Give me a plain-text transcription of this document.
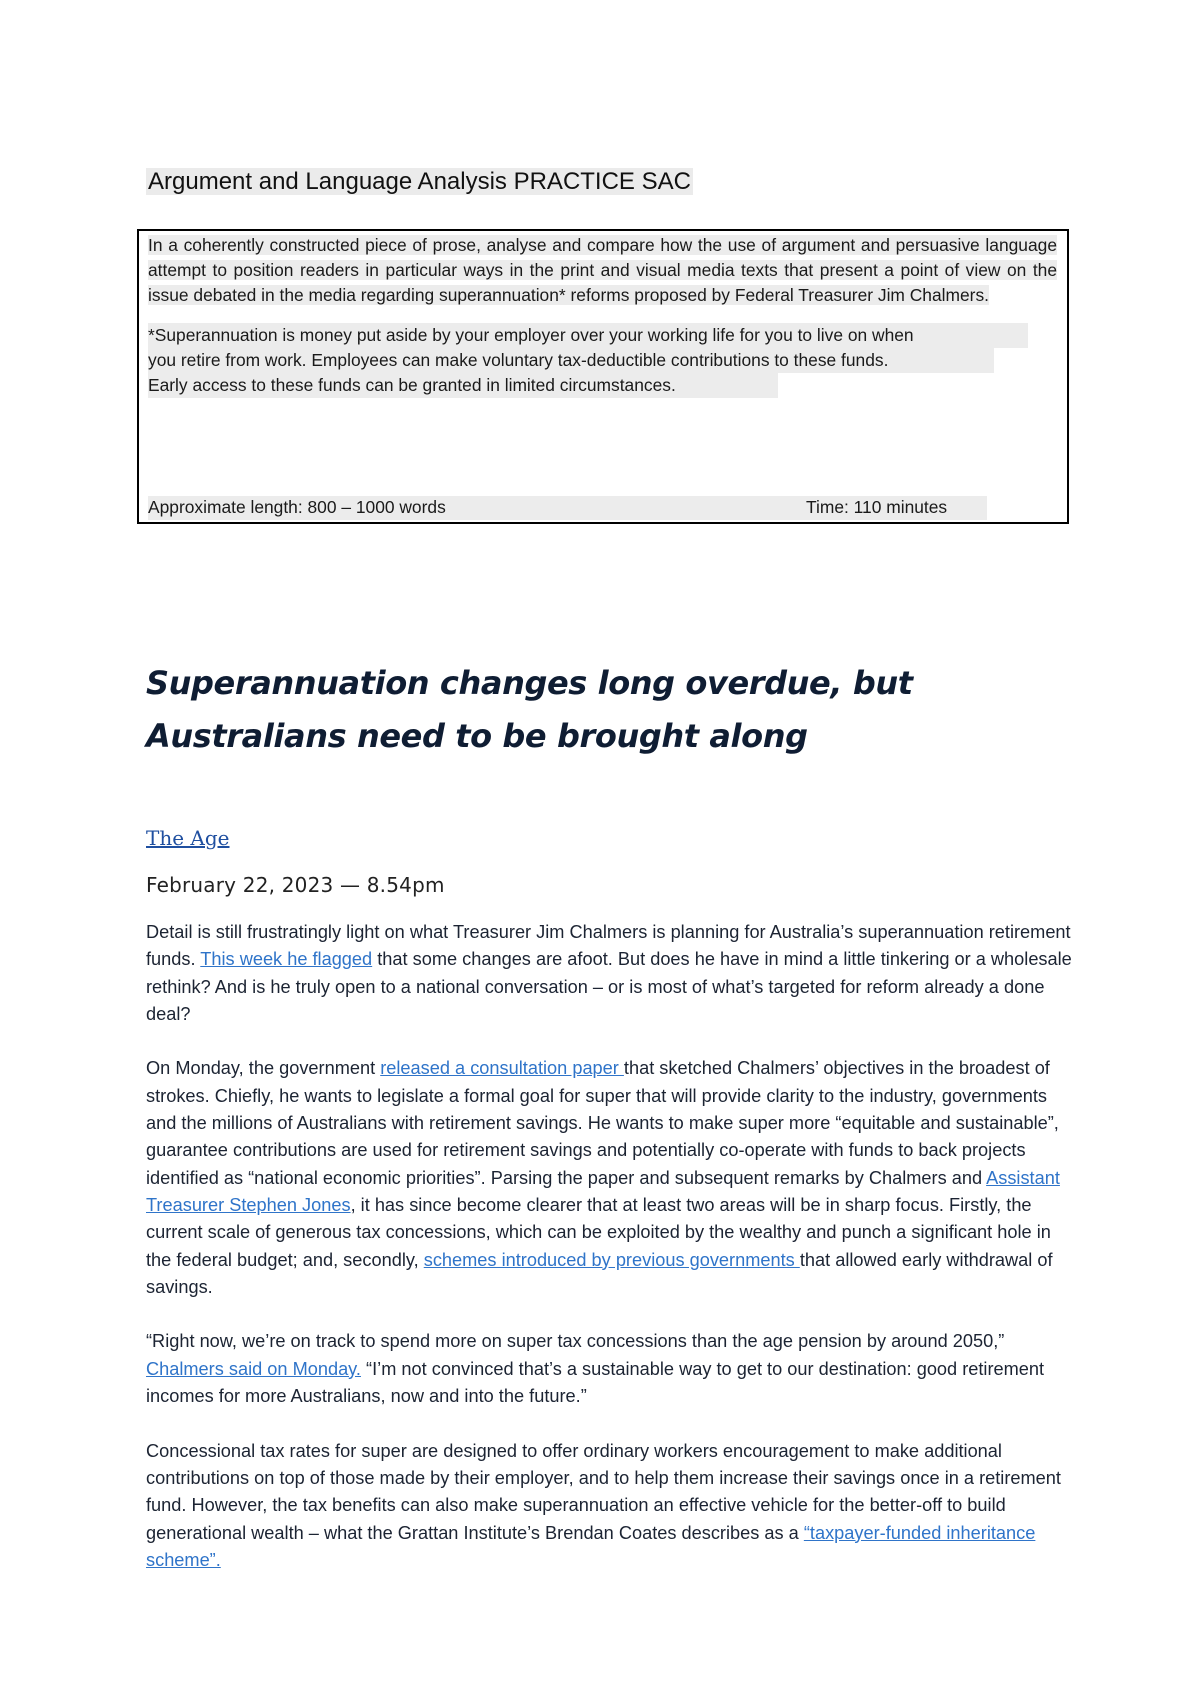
Argument and Language Analysis PRACTICE SAC

In a coherently constructed piece of prose, analyse and compare how the use of argument and persuasive language attempt to position readers in particular ways in the print and visual media texts that present a point of view on the issue debated in the media regarding superannuation* reforms proposed by Federal Treasurer Jim Chalmers.

*Superannuation is money put aside by your employer over your working life for you to live on when
you retire from work. Employees can make voluntary tax-deductible contributions to these funds.
Early access to these funds can be granted in limited circumstances.
Approximate length: 800 – 1000 words	Time: 110 minutes
Superannuation changes long overdue, but
Australians need to be brought along
The Age
February 22, 2023 — 8.54pm

Detail is still frustratingly light on what Treasurer Jim Chalmers is planning for Australia’s superannuation retirement funds. This week he flagged that some changes are afoot. But does he have in mind a little tinkering or a wholesale rethink? And is he truly open to a national conversation – or is most of what’s targeted for reform already a done deal?

On Monday, the government released a consultation paper that sketched Chalmers’ objectives in the broadest of strokes. Chiefly, he wants to legislate a formal goal for super that will provide clarity to the industry, governments and the millions of Australians with retirement savings. He wants to make super more “equitable and sustainable”, guarantee contributions are used for retirement savings and potentially co-operate with funds to back projects identified as “national economic priorities”. Parsing the paper and subsequent remarks by Chalmers and Assistant Treasurer Stephen Jones, it has since become clearer that at least two areas will be in sharp focus. Firstly, the current scale of generous tax concessions, which can be exploited by the wealthy and punch a significant hole in the federal budget; and, secondly, schemes introduced by previous governments that allowed early withdrawal of savings.

“Right now, we’re on track to spend more on super tax concessions than the age pension by around 2050,” Chalmers said on Monday. “I’m not convinced that’s a sustainable way to get to our destination: good retirement incomes for more Australians, now and into the future.”

Concessional tax rates for super are designed to offer ordinary workers encouragement to make additional contributions on top of those made by their employer, and to help them increase their savings once in a retirement fund. However, the tax benefits can also make superannuation an effective vehicle for the better-off to build generational wealth – what the Grattan Institute’s Brendan Coates describes as a “taxpayer-funded inheritance scheme”.
